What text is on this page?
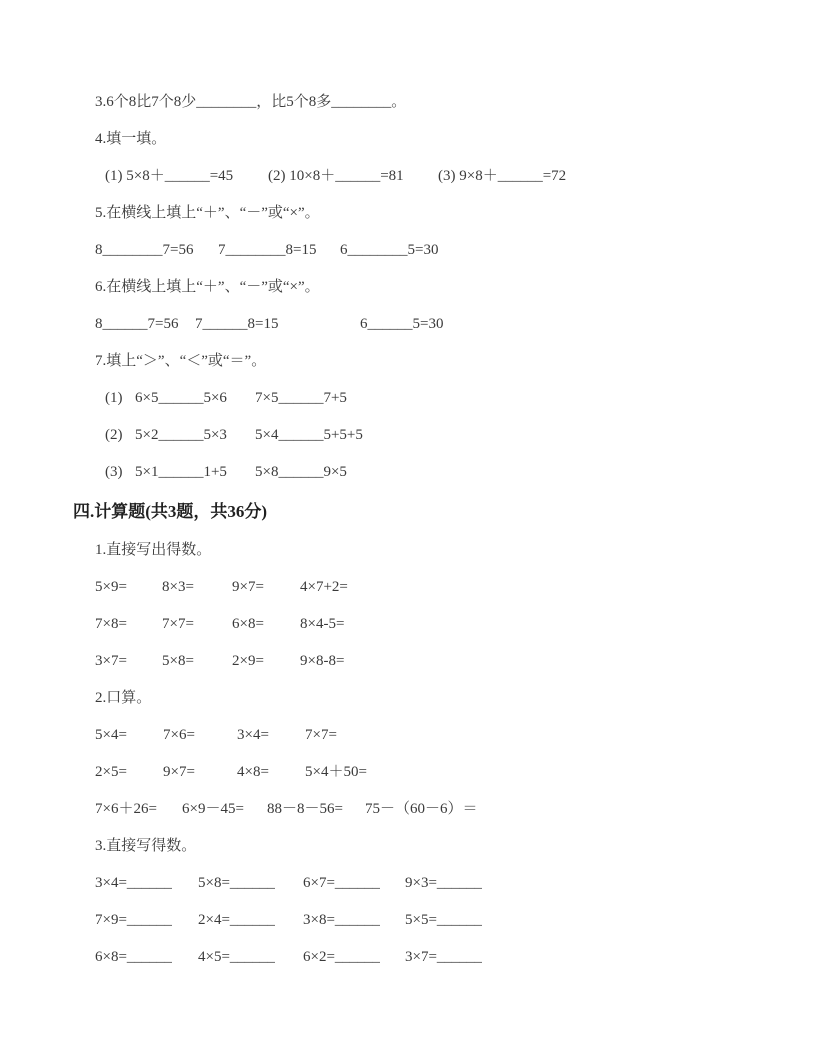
3.6个8比7个8少________，比5个8多________。
4.填一填。
(1) 5×8＋______=45	(2) 10×8＋______=81	(3) 9×8＋______=72
5.在横线上填上“＋”、“－”或“×”。
8________7=56	7________8=15	6________5=30
6.在横线上填上“＋”、“－”或“×”。
8______7=56	7______8=15	6______5=30
7.填上“＞”、“＜”或“＝”。
(1) 6×5______5×6	7×5______7+5
(2) 5×2______5×3	5×4______5+5+5
(3) 5×1______1+5	5×8______9×5
四.计算题(共3题，共36分)
1.直接写出得数。
5×9=	8×3=	9×7=	4×7+2=
7×8=	7×7=	6×8=	8×4-5=
3×7=	5×8=	2×9=	9×8-8=
2.口算。
5×4=	7×6=	3×4=	7×7=
2×5=	9×7=	4×8=	5×4＋50=
7×6＋26=	6×9－45=	88－8－56=	75－（60－6）＝
3.直接写得数。
3×4=______	5×8=______	6×7=______	9×3=______
7×9=______	2×4=______	3×8=______	5×5=______
6×8=______	4×5=______	6×2=______	3×7=______
